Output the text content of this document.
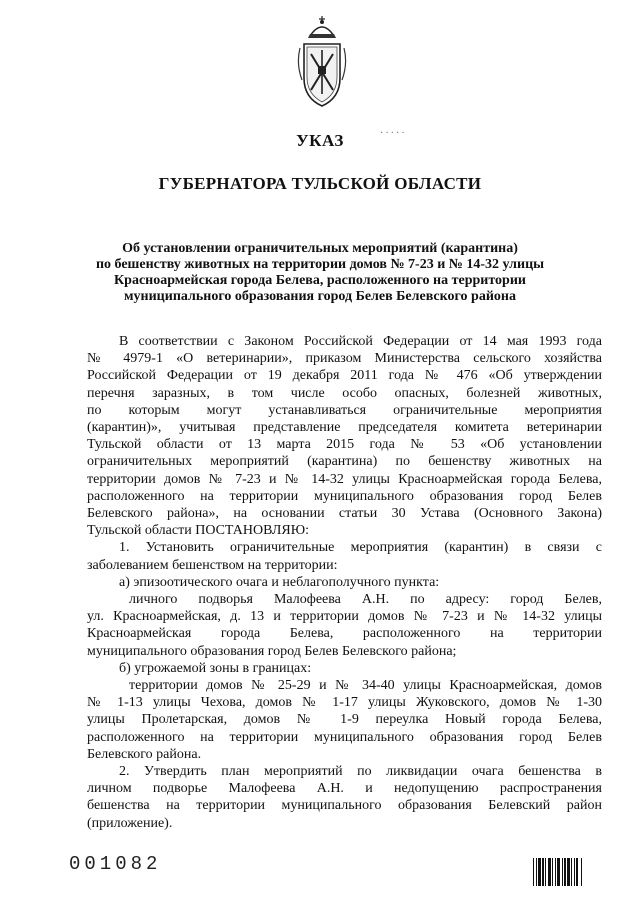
УКАЗ	·····
ГУБЕРНАТОРА ТУЛЬСКОЙ ОБЛАСТИ
Об установлении ограничительных мероприятий (карантина)
по бешенству животных на территории домов № 7-23 и № 14-32 улицы
Красноармейская города Белева, расположенного на территории
муниципального образования город Белев Белевского района
В соответствии с Законом Российской Федерации от 14 мая 1993 года
№ 4979-1 «О ветеринарии», приказом Министерства сельского хозяйства
Российской Федерации от 19 декабря 2011 года № 476 «Об утверждении
перечня заразных, в том числе особо опасных, болезней животных,
по которым могут устанавливаться ограничительные мероприятия
(карантин)», учитывая представление председателя комитета ветеринарии
Тульской области от 13 марта 2015 года № 53 «Об установлении
ограничительных мероприятий (карантина) по бешенству животных на
территории домов № 7-23 и № 14-32 улицы Красноармейская города Белева,
расположенного на территории муниципального образования город Белев
Белевского района», на основании статьи 30 Устава (Основного Закона)
Тульской области ПОСТАНОВЛЯЮ:
1. Установить ограничительные мероприятия (карантин) в связи с
заболеванием бешенством на территории:
а) эпизоотического очага и неблагополучного пункта:
личного подворья Малофеева А.Н. по адресу: город Белев,
ул. Красноармейская, д. 13 и территории домов № 7-23 и № 14-32 улицы
Красноармейская города Белева, расположенного на территории
муниципального образования город Белев Белевского района;
б) угрожаемой зоны в границах:
территории домов № 25-29 и № 34-40 улицы Красноармейская, домов
№ 1-13 улицы Чехова, домов № 1-17 улицы Жуковского, домов № 1-30
улицы Пролетарская, домов № 1-9 переулка Новый города Белева,
расположенного на территории муниципального образования город Белев
Белевского района.
2. Утвердить план мероприятий по ликвидации очага бешенства в
личном подворье Малофеева А.Н. и недопущению распространения
бешенства на территории муниципального образования Белевский район
(приложение).
001082
